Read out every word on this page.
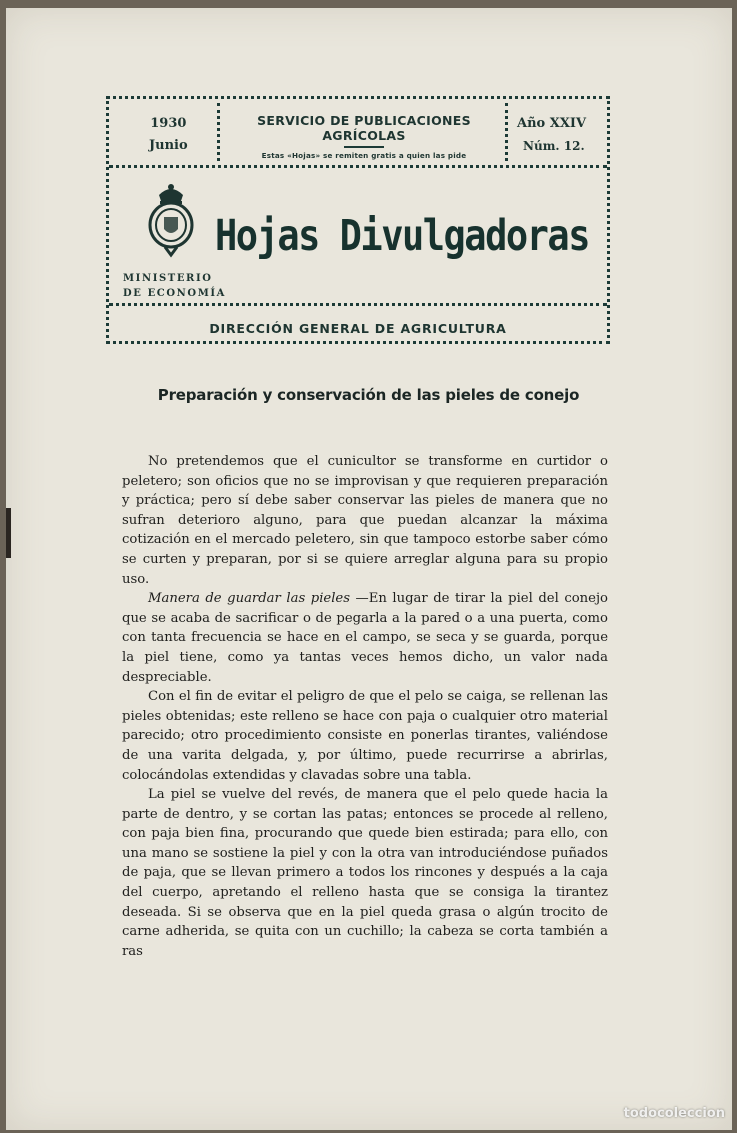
1930
Junio
SERVICIO DE PUBLICACIONES AGRÍCOLAS
Estas «Hojas» se remiten gratis a quien las pide
Año XXIV
Núm. 12.
Hojas Divulgadoras
MINISTERIO
DE ECONOMÍA
DIRECCIÓN GENERAL DE AGRICULTURA
Preparación y conservación de las pieles de conejo

No pretendemos que el cunicultor se transforme en curtidor o peletero; son oficios que no se improvisan y que requieren preparación y práctica; pero sí debe saber conservar las pieles de manera que no sufran deterioro alguno, para que puedan alcanzar la máxima cotización en el mercado peletero, sin que tampoco estorbe saber cómo se curten y preparan, por si se quiere arreglar alguna para su propio uso.

Manera de guardar las pieles —En lugar de tirar la piel del conejo que se acaba de sacrificar o de pegarla a la pared o a una puerta, como con tanta frecuencia se hace en el campo, se seca y se guarda, porque la piel tiene, como ya tantas veces hemos dicho, un valor nada despreciable.

Con el fin de evitar el peligro de que el pelo se caiga, se rellenan las pieles obtenidas; este relleno se hace con paja o cualquier otro material parecido; otro procedimiento consiste en ponerlas tirantes, valiéndose de una varita delgada, y, por último, puede recurrirse a abrirlas, colocándolas extendidas y clavadas sobre una tabla.

La piel se vuelve del revés, de manera que el pelo quede hacia la parte de dentro, y se cortan las patas; entonces se procede al relleno, con paja bien fina, procurando que quede bien estirada; para ello, con una mano se sostiene la piel y con la otra van introduciéndose puñados de paja, que se llevan primero a todos los rincones y después a la caja del cuerpo, apretando el relleno hasta que se consiga la tirantez deseada. Si se observa que en la piel queda grasa o algún trocito de carne adherida, se quita con un cuchillo; la cabeza se corta también a ras

todocoleccion
